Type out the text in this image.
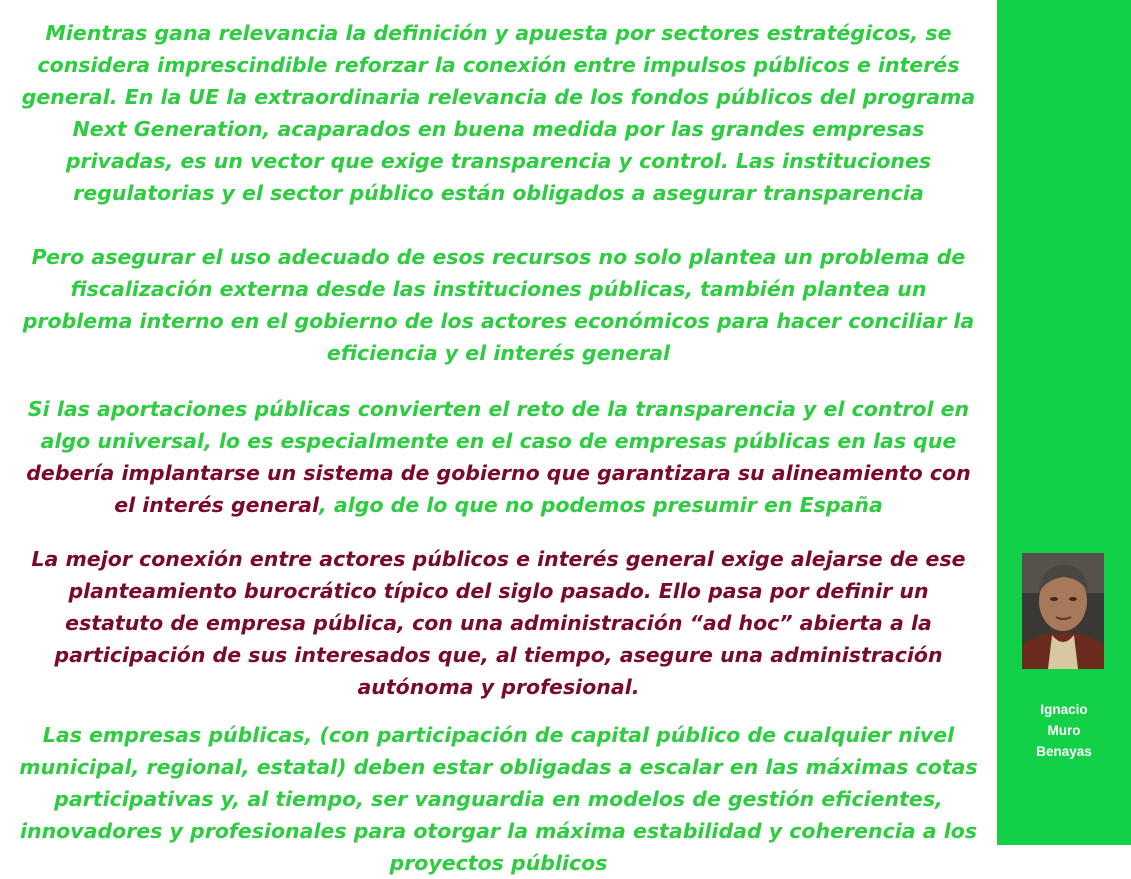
Mientras gana relevancia la definición y apuesta por sectores estratégicos, se considera imprescindible reforzar la conexión entre impulsos públicos e interés general. En la UE la extraordinaria relevancia de los fondos públicos del programa Next Generation, acaparados en buena medida por las grandes empresas privadas, es un vector que exige transparencia y control. Las instituciones regulatorias y el sector público están obligados a asegurar transparencia

Pero asegurar el uso adecuado de esos recursos no solo plantea un problema de fiscalización externa desde las instituciones públicas, también plantea un problema interno en el gobierno de los actores económicos para hacer conciliar la eficiencia y el interés general

Si las aportaciones públicas convierten el reto de la transparencia y el control en algo universal, lo es especialmente en el caso de empresas públicas en las que debería implantarse un sistema de gobierno que garantizara su alineamiento con el interés general, algo de lo que no podemos presumir en España

La mejor conexión entre actores públicos e interés general exige alejarse de ese planteamiento burocrático típico del siglo pasado. Ello pasa por definir un estatuto de empresa pública, con una administración “ad hoc” abierta a la participación de sus interesados que, al tiempo, asegure una administración autónoma y profesional.

Las empresas públicas, (con participación de capital público de cualquier nivel municipal, regional, estatal) deben estar obligadas a escalar en las máximas cotas participativas y, al tiempo, ser vanguardia en modelos de gestión eficientes, innovadores y profesionales para otorgar la máxima estabilidad y coherencia a los proyectos públicos

Ignacio
Muro
Benayas
